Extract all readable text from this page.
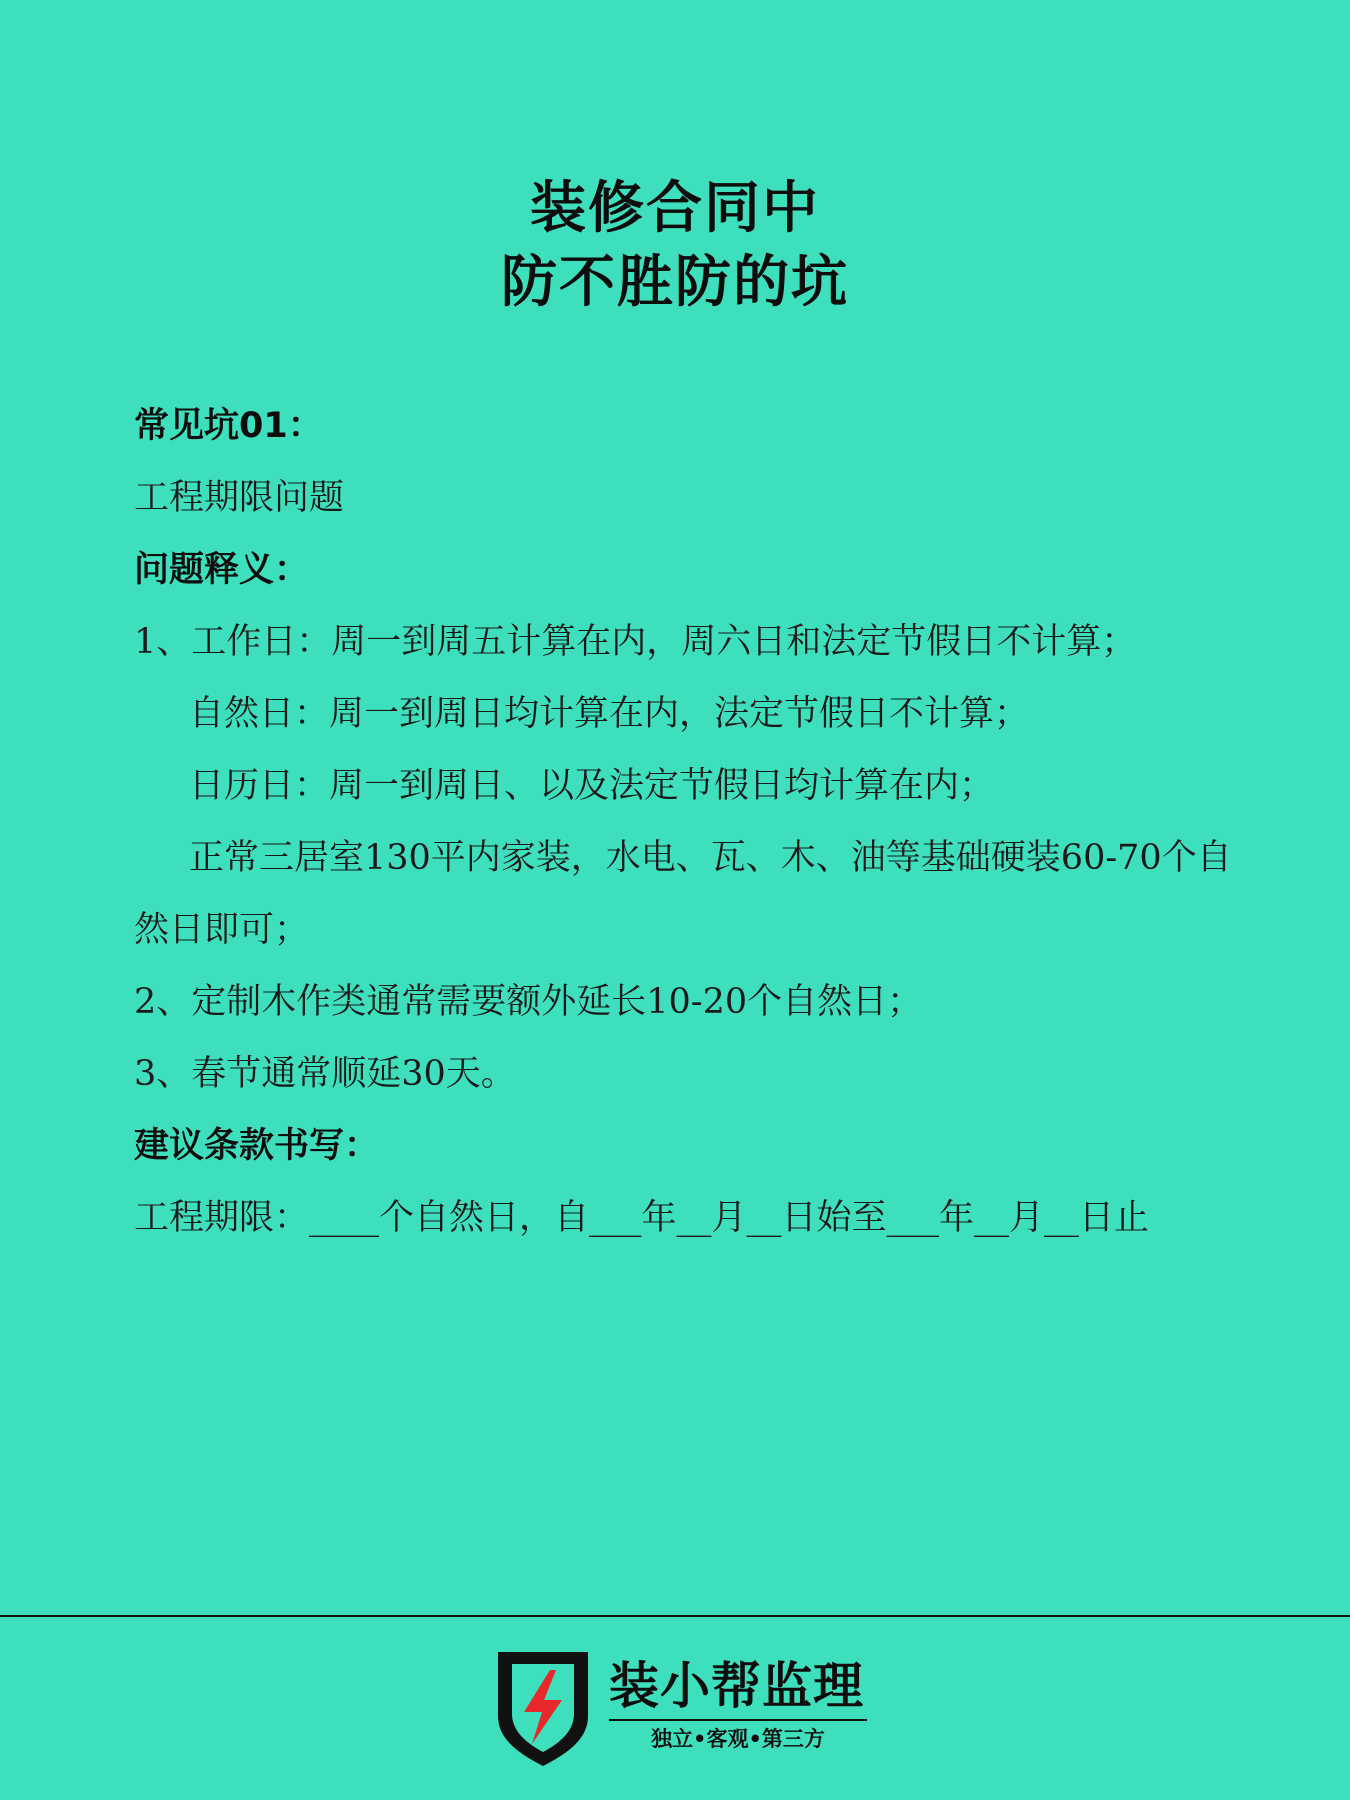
装修合同中
防不胜防的坑
常见坑01：
工程期限问题
问题释义：
1、工作日：周一到周五计算在内，周六日和法定节假日不计算；
自然日：周一到周日均计算在内，法定节假日不计算；
日历日：周一到周日、以及法定节假日均计算在内；
正常三居室130平内家装，水电、瓦、木、油等基础硬装60-70个自
然日即可；
2、定制木作类通常需要额外延长10-20个自然日；
3、春节通常顺延30天。
建议条款书写：
工程期限：____个自然日，自___年__月__日始至___年__月__日止
装小帮监理
独立•客观•第三方
